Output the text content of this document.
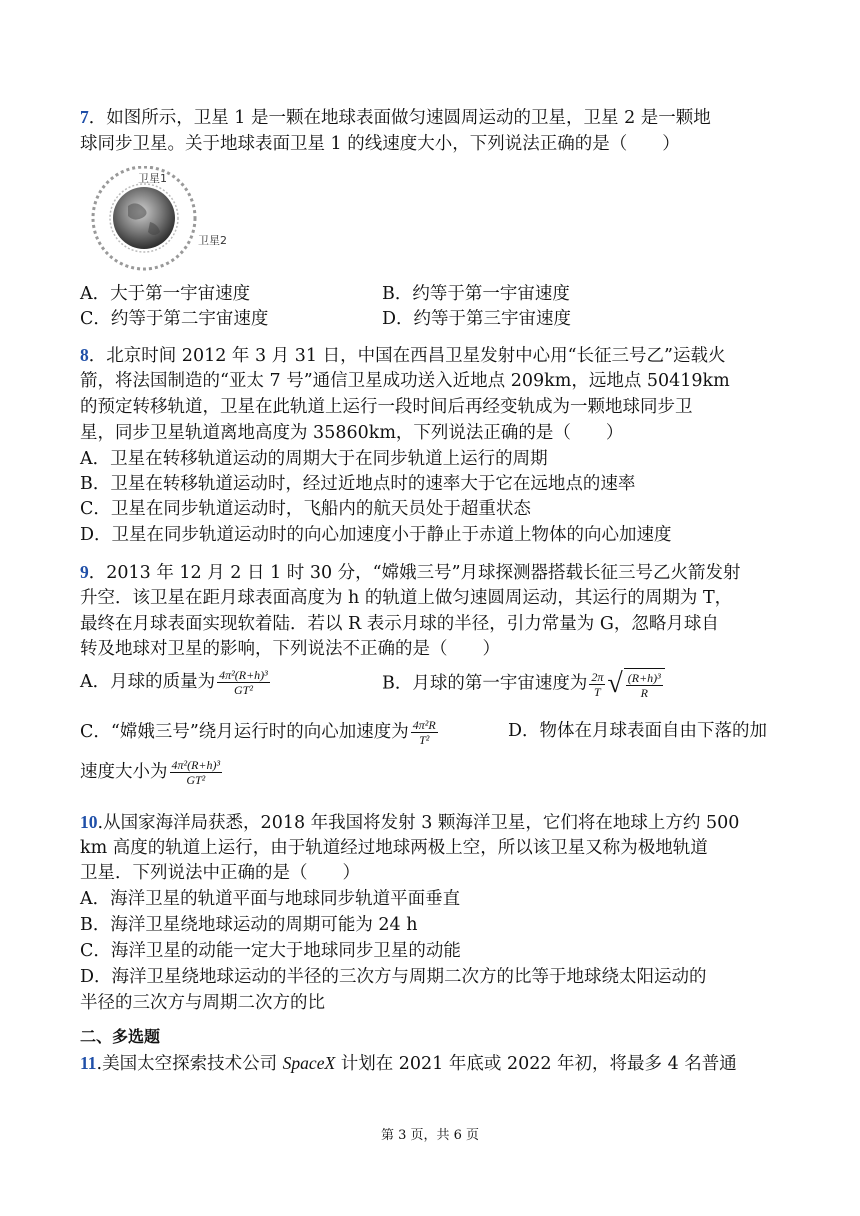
7．如图所示，卫星 1 是一颗在地球表面做匀速圆周运动的卫星，卫星 2 是一颗地
球同步卫星。关于地球表面卫星 1 的线速度大小，下列说法正确的是（　　）
卫星1
卫星2
A．大于第一宇宙速度	B．约等于第一宇宙速度
C．约等于第二宇宙速度	D．约等于第三宇宙速度
8．北京时间 2012 年 3 月 31 日，中国在西昌卫星发射中心用“长征三号乙”运载火
箭，将法国制造的“亚太 7 号”通信卫星成功送入近地点 209km，远地点 50419km
的预定转移轨道，卫星在此轨道上运行一段时间后再经变轨成为一颗地球同步卫
星，同步卫星轨道离地高度为 35860km，下列说法正确的是（　　）
A．卫星在转移轨道运动的周期大于在同步轨道上运行的周期
B．卫星在转移轨道运动时，经过近地点时的速率大于它在远地点的速率
C．卫星在同步轨道运动时，飞船内的航天员处于超重状态
D．卫星在同步轨道运动时的向心加速度小于静止于赤道上物体的向心加速度
9．2013 年 12 月 2 日 1 时 30 分，“嫦娥三号”月球探测器搭载长征三号乙火箭发射
升空．该卫星在距月球表面高度为 h 的轨道上做匀速圆周运动，其运行的周期为 T，
最终在月球表面实现软着陆．若以 R 表示月球的半径，引力常量为 G，忽略月球自
转及地球对卫星的影响，下列说法不正确的是（　　）
A．月球的质量为 $\frac{\text{4π²(R+h)³}}{\text{GT²}}$	B．月球的第一宇宙速度为 $\frac{2\pi}{T}$ √ $\frac{\text{(R+h)³}}{R}$
C．“嫦娥三号”绕月运行时的向心加速度为 $\frac{\text{4π²R}}{\text{T²}}$	D．物体在月球表面自由下落的加
速度大小为 $\frac{\text{4π²(R+h)³}}{\text{GT²}}$
10.从国家海洋局获悉，2018 年我国将发射 3 颗海洋卫星，它们将在地球上方约 500
km 高度的轨道上运行，由于轨道经过地球两极上空，所以该卫星又称为极地轨道
卫星．下列说法中正确的是（　　）
A．海洋卫星的轨道平面与地球同步轨道平面垂直
B．海洋卫星绕地球运动的周期可能为 24 h
C．海洋卫星的动能一定大于地球同步卫星的动能
D．海洋卫星绕地球运动的半径的三次方与周期二次方的比等于地球绕太阳运动的
半径的三次方与周期二次方的比
二、多选题
11.美国太空探索技术公司 SpaceX 计划在 2021 年底或 2022 年初，将最多 4 名普通
第 3 页，共 6 页
